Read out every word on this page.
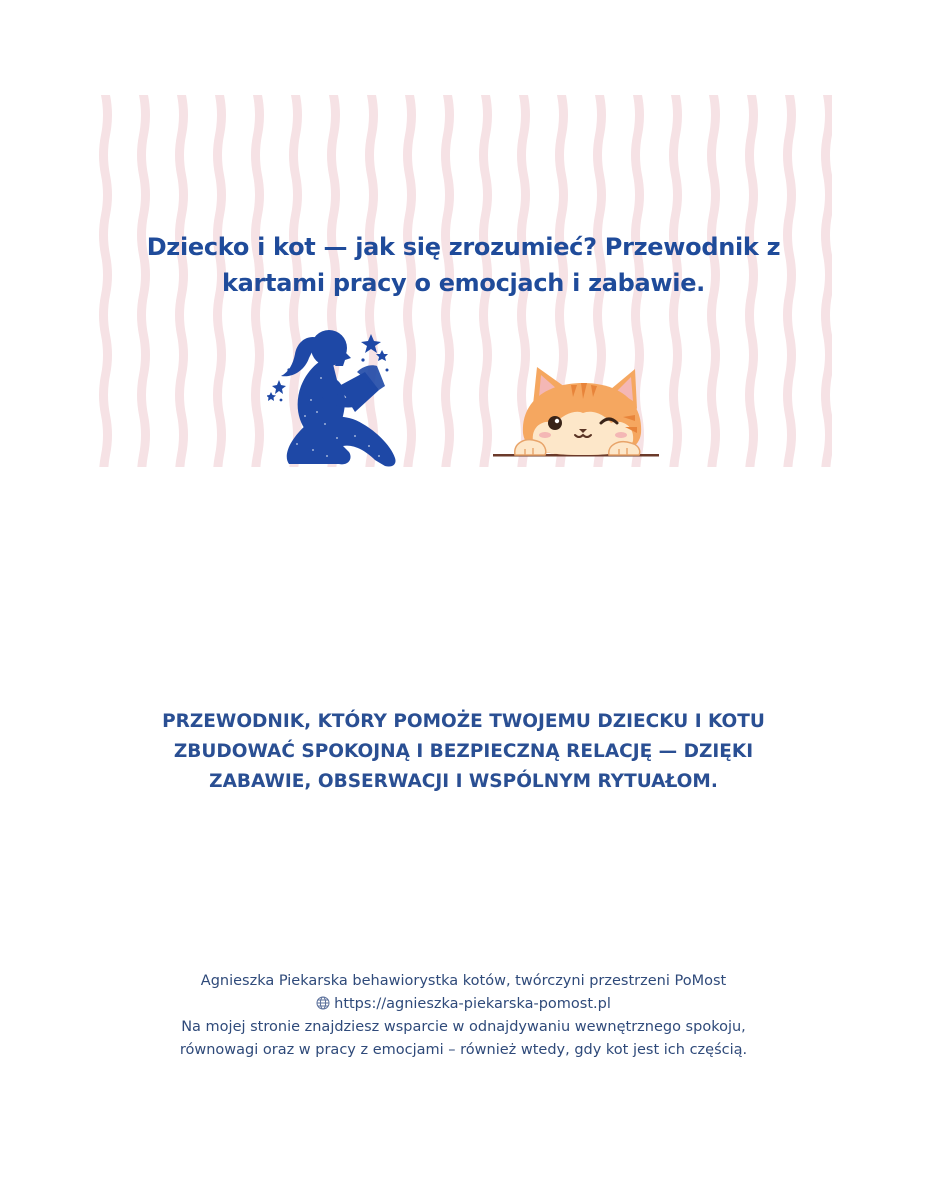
Dziecko i kot — jak się zrozumieć? Przewodnik z
kartami pracy o emocjach i zabawie.
PRZEWODNIK, KTÓRY POMOŻE TWOJEMU DZIECKU I KOTU
ZBUDOWAĆ SPOKOJNĄ I BEZPIECZNĄ RELACJĘ — DZIĘKI
ZABAWIE, OBSERWACJI I WSPÓLNYM RYTUAŁOM.
Agnieszka Piekarska behawiorystka kotów, twórczyni przestrzeni PoMost
https://agnieszka-piekarska-pomost.pl
Na mojej stronie znajdziesz wsparcie w odnajdywaniu wewnętrznego spokoju,
równowagi oraz w pracy z emocjami – również wtedy, gdy kot jest ich częścią.
